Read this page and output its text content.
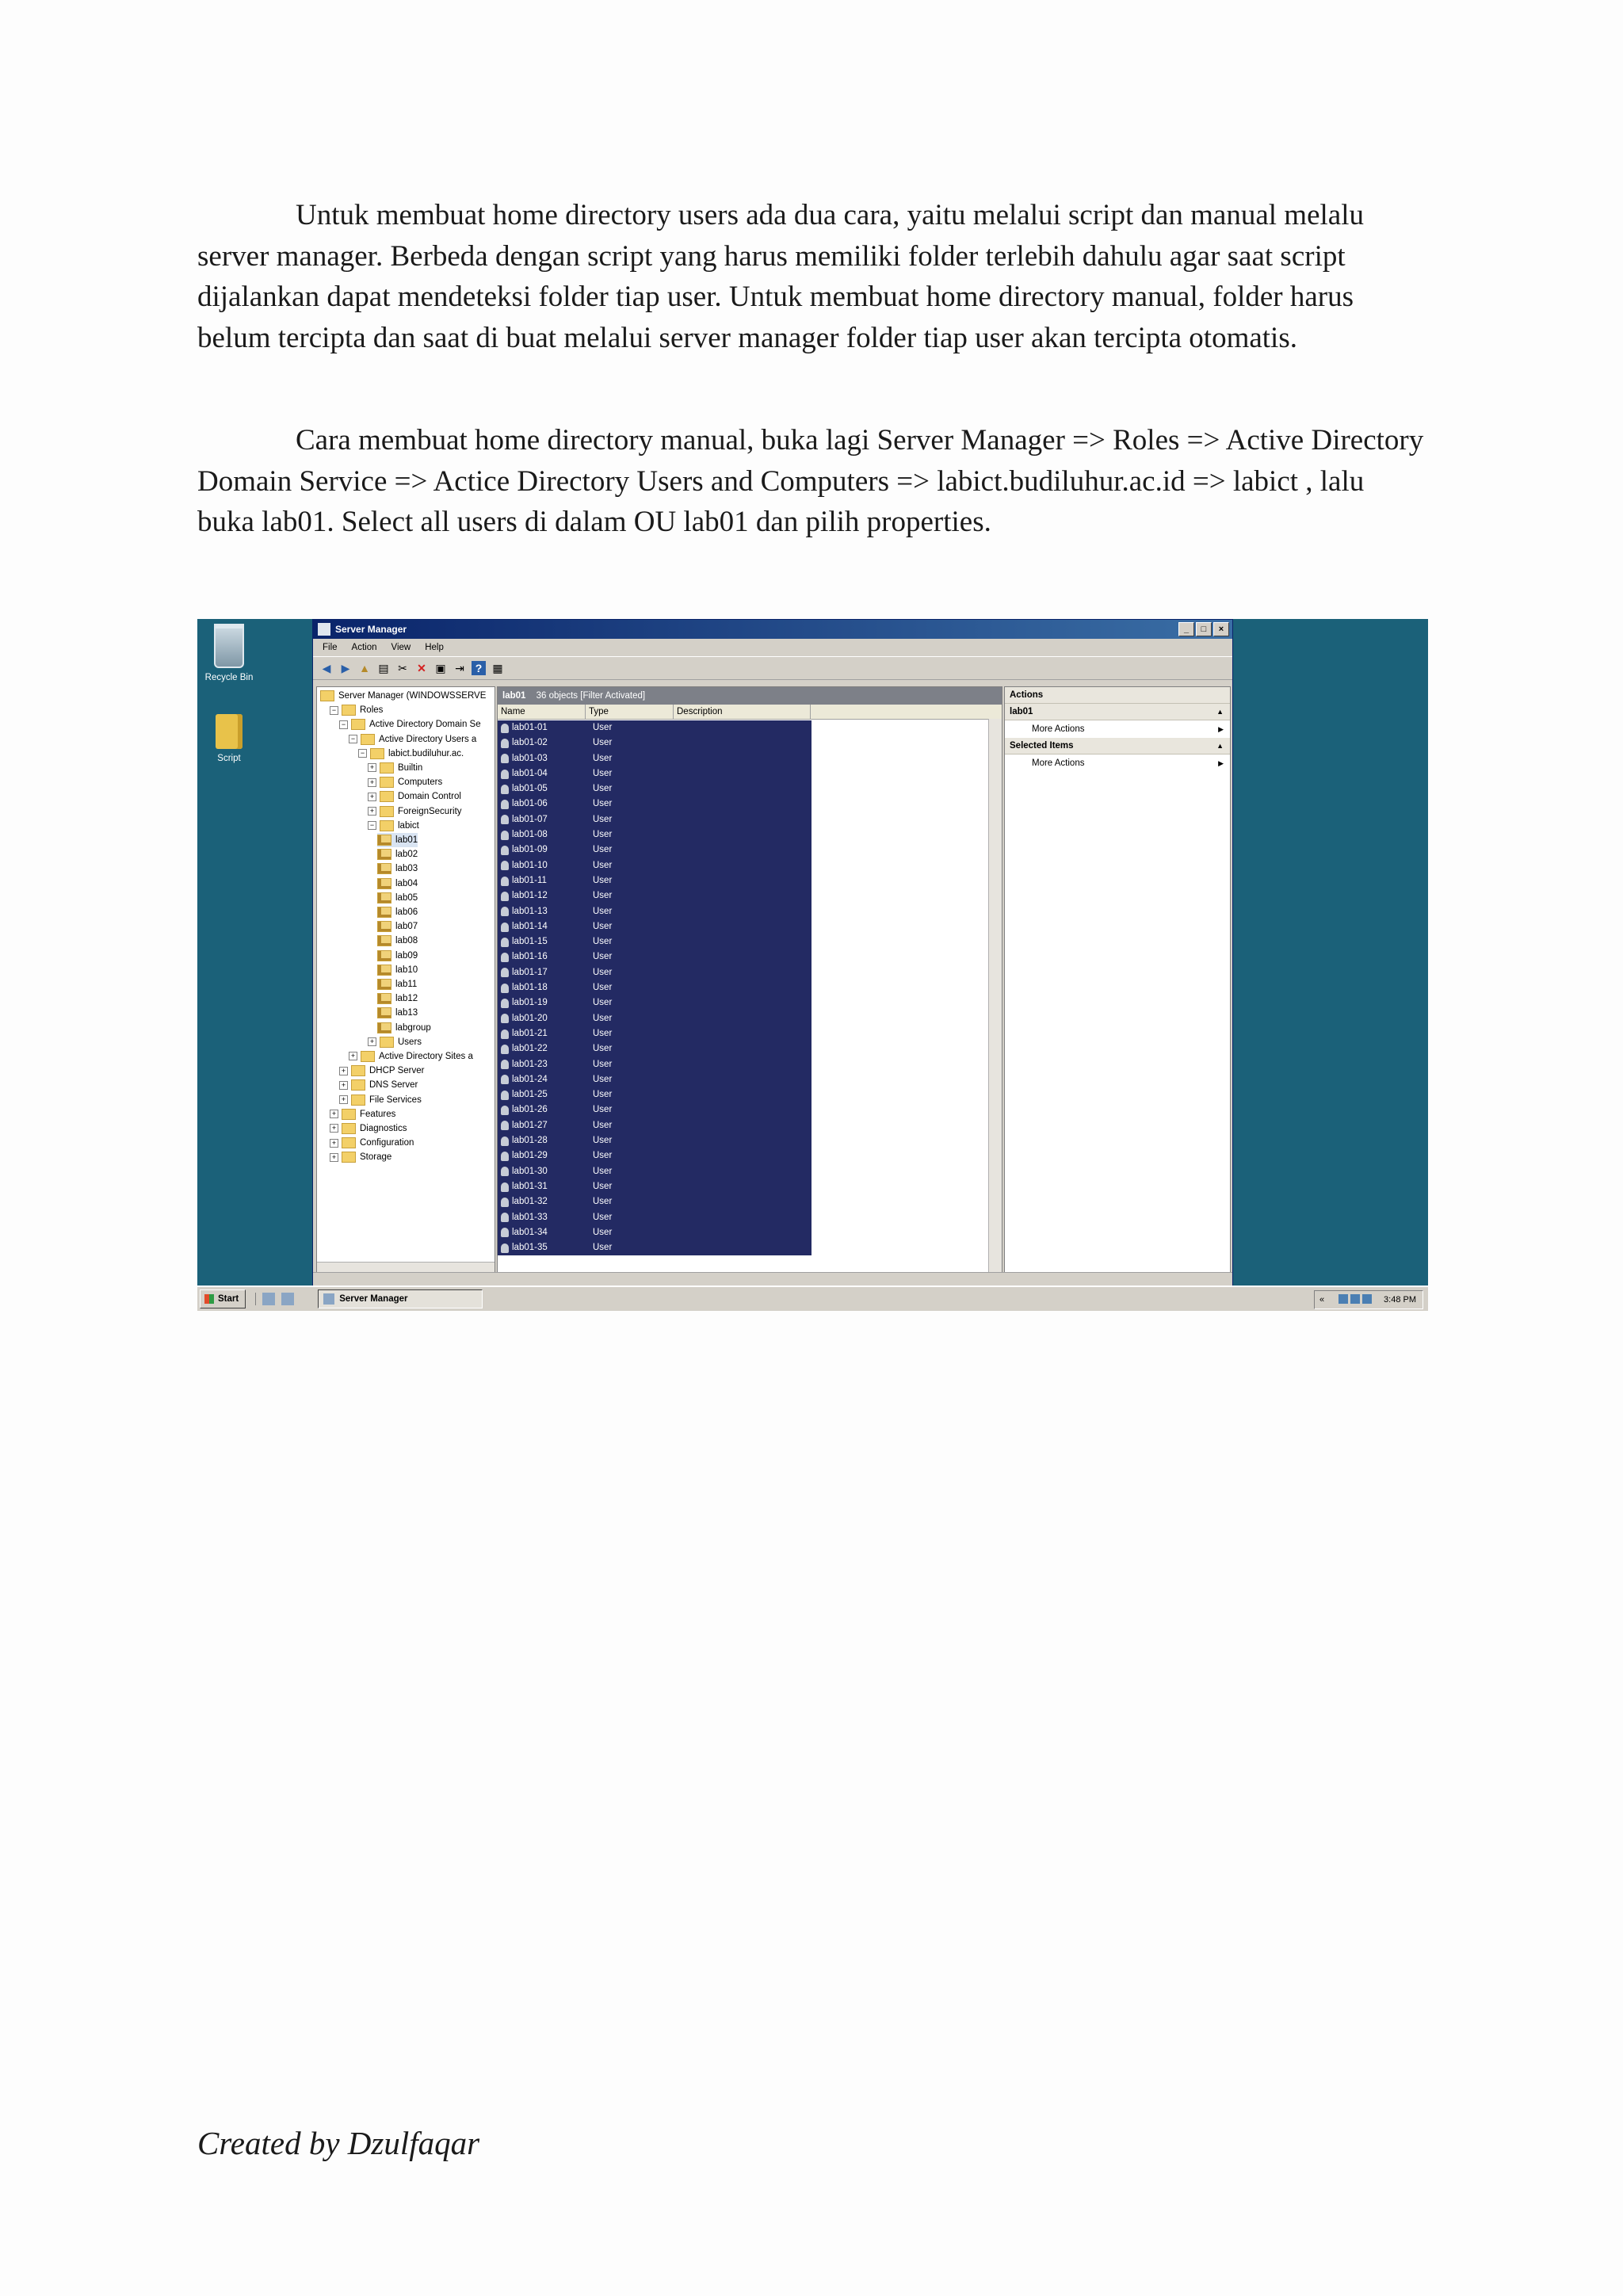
Untuk membuat home directory users ada dua cara, yaitu melalui script dan manual melalu server manager. Berbeda dengan script yang harus memiliki folder terlebih dahulu agar saat script dijalankan dapat mendeteksi folder tiap user. Untuk membuat home directory manual, folder harus belum tercipta dan saat di buat melalui server manager folder tiap user akan tercipta otomatis.

Cara membuat home directory manual, buka lagi Server Manager => Roles => Active Directory Domain Service => Actice Directory Users and Computers => labict.budiluhur.ac.id => labict , lalu buka lab01. Select all users di dalam OU lab01 dan pilih properties.

Recycle Bin
Script
Server Manager	_	□	×
File Action View Help
◀ ▶ ▲ ▤ ✂ ✕ ▣ ⇥ ? ▦
Server Manager (WINDOWSSERVE
−	Roles
−	Active Directory Domain Se
−	Active Directory Users a
−	labict.budiluhur.ac.
+	Builtin
+	Computers
+	Domain Control
+	ForeignSecurity
−	labict
lab01
lab02
lab03
lab04
lab05
lab06
lab07
lab08
lab09
lab10
lab11
lab12
lab13
labgroup
+	Users
+	Active Directory Sites a
+	DHCP Server
+	DNS Server
+	File Services
+	Features
+	Diagnostics
+	Configuration
+	Storage
lab01 36 objects [Filter Activated]
Name	Type	Description
lab01-01	User
lab01-02	User
lab01-03	User
lab01-04	User
lab01-05	User
lab01-06	User
lab01-07	User
lab01-08	User
lab01-09	User
lab01-10	User
lab01-11	User
lab01-12	User
lab01-13	User
lab01-14	User
lab01-15	User
lab01-16	User
lab01-17	User
lab01-18	User
lab01-19	User
lab01-20	User
lab01-21	User
lab01-22	User
lab01-23	User
lab01-24	User
lab01-25	User
lab01-26	User
lab01-27	User
lab01-28	User
lab01-29	User
lab01-30	User
lab01-31	User
lab01-32	User
lab01-33	User
lab01-34	User
lab01-35	User
Actions
lab01	▲
More Actions	▶
Selected Items	▲
More Actions	▶
Start	Server Manager	«	3:48 PM
Created by Dzulfaqar
